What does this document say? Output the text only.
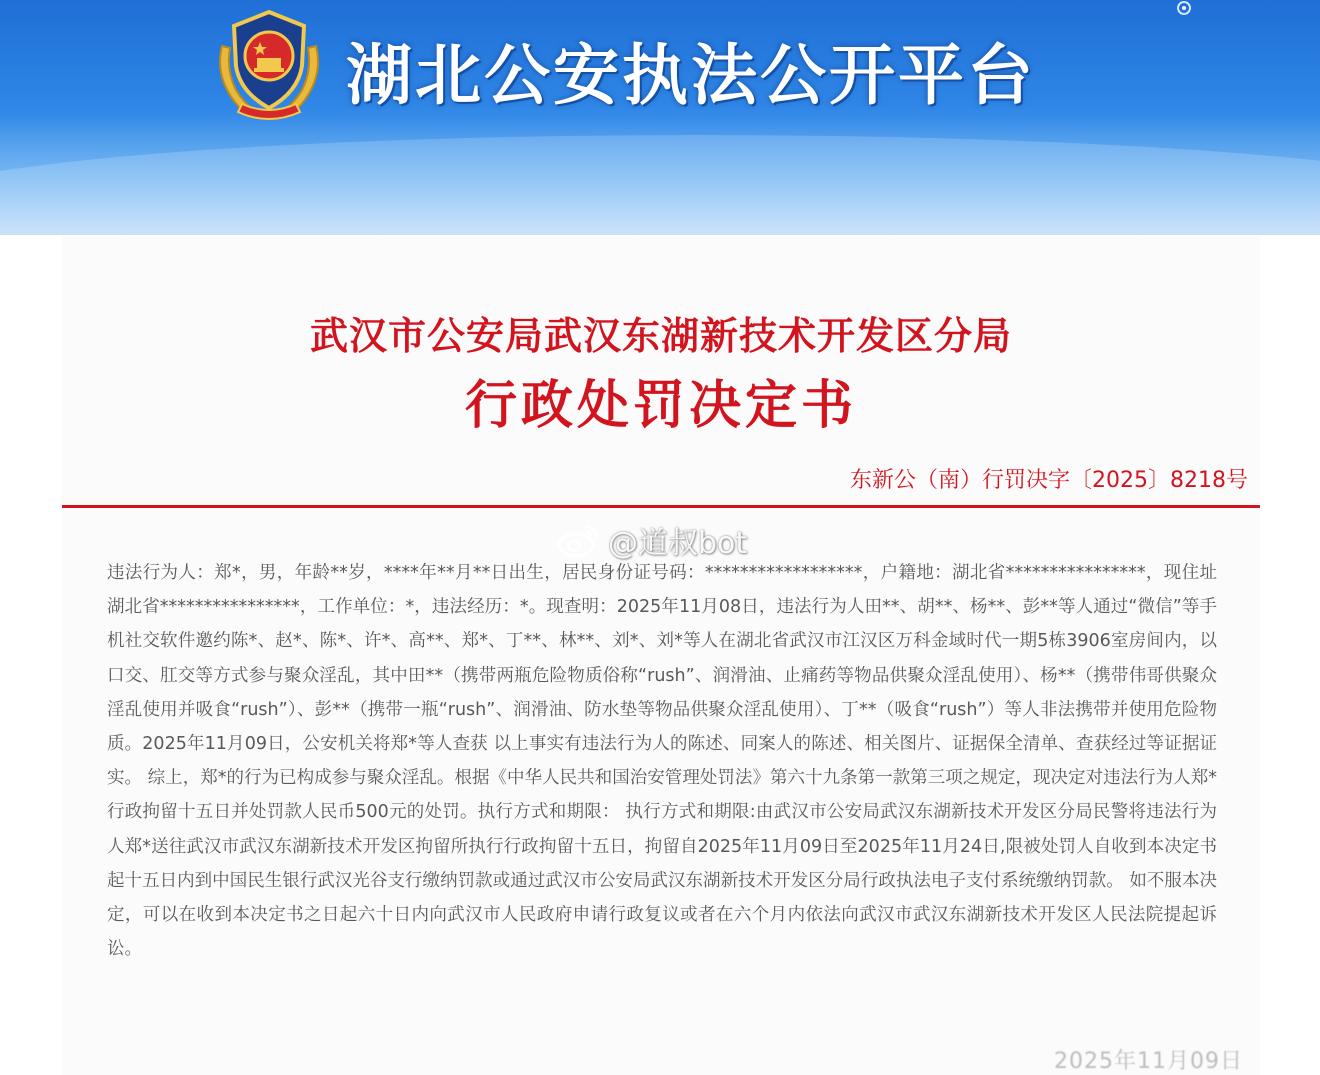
湖北公安执法公开平台
武汉市公安局武汉东湖新技术开发区分局
行政处罚决定书
东新公（南）行罚决字〔2025〕8218号
违法行为人：郑*，男，年龄**岁，****年**月**日出生，居民身份证号码：******************，户籍地：湖北省****************，现住址湖北省****************，工作单位：*，违法经历：*。现查明：2025年11月08日，违法行为人田**、胡**、杨**、彭**等人通过“微信”等手机社交软件邀约陈*、赵*、陈*、许*、高**、郑*、丁**、林**、刘*、刘*等人在湖北省武汉市江汉区万科金域时代一期5栋3906室房间内，以口交、肛交等方式参与聚众淫乱，其中田**（携带两瓶危险物质俗称“rush”、润滑油、止痛药等物品供聚众淫乱使用）、杨**（携带伟哥供聚众淫乱使用并吸食“rush”）、彭**（携带一瓶“rush”、润滑油、防水垫等物品供聚众淫乱使用）、丁**（吸食“rush”）等人非法携带并使用危险物质。2025年11月09日，公安机关将郑*等人查获 以上事实有违法行为人的陈述、同案人的陈述、相关图片、证据保全清单、查获经过等证据证实。 综上，郑*的行为已构成参与聚众淫乱。根据《中华人民共和国治安管理处罚法》第六十九条第一款第三项之规定，现决定对违法行为人郑*行政拘留十五日并处罚款人民币500元的处罚。执行方式和期限： 执行方式和期限:由武汉市公安局武汉东湖新技术开发区分局民警将违法行为人郑*送往武汉市武汉东湖新技术开发区拘留所执行行政拘留十五日，拘留自2025年11月09日至2025年11月24日,限被处罚人自收到本决定书起十五日内到中国民生银行武汉光谷支行缴纳罚款或通过武汉市公安局武汉东湖新技术开发区分局行政执法电子支付系统缴纳罚款。 如不服本决定，可以在收到本决定书之日起六十日内向武汉市人民政府申请行政复议或者在六个月内依法向武汉市武汉东湖新技术开发区人民法院提起诉讼。
@道叔bot
2025年11月09日
